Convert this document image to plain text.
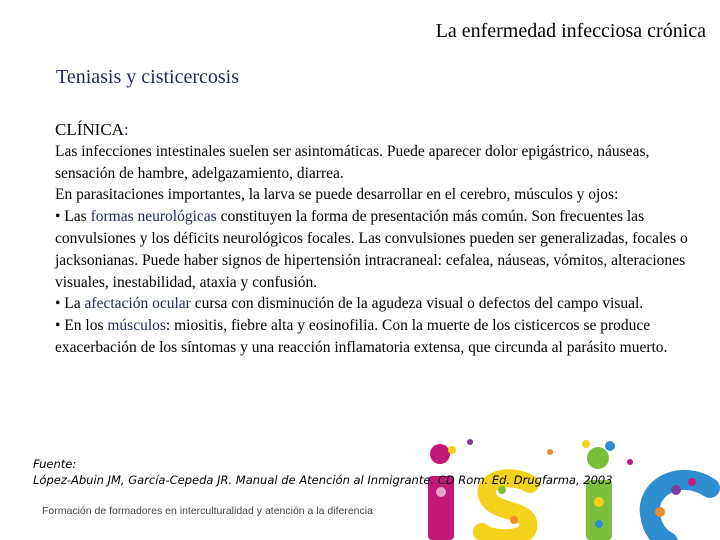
La enfermedad infecciosa crónica
Teniasis y cisticercosis
CLÍNICA:

Las infecciones intestinales suelen ser asintomáticas. Puede aparecer dolor epigástrico, náuseas, sensación de hambre, adelgazamiento, diarrea.

En parasitaciones importantes, la larva se puede desarrollar en el cerebro, músculos y ojos:

• Las formas neurológicas constituyen la forma de presentación más común. Son frecuentes las convulsiones y los déficits neurológicos focales. Las convulsiones pueden ser generalizadas, focales o jacksonianas. Puede haber signos de hipertensión intracraneal: cefalea, náuseas, vómitos, alteraciones visuales, inestabilidad, ataxia y confusión.

• La afectación ocular cursa con disminución de la agudeza visual o defectos del campo visual.

• En los músculos: miositis, fiebre alta y eosinofilia. Con la muerte de los cisticercos se produce exacerbación de los síntomas y una reacción inflamatoria extensa, que circunda al parásito muerto.

Fuente:
López-Abuin JM, García-Cepeda JR. Manual de Atención al Inmigrante. CD Rom. Ed. Drugfarma, 2003
Formación de formadores en interculturalidad y atención a la diferencia
